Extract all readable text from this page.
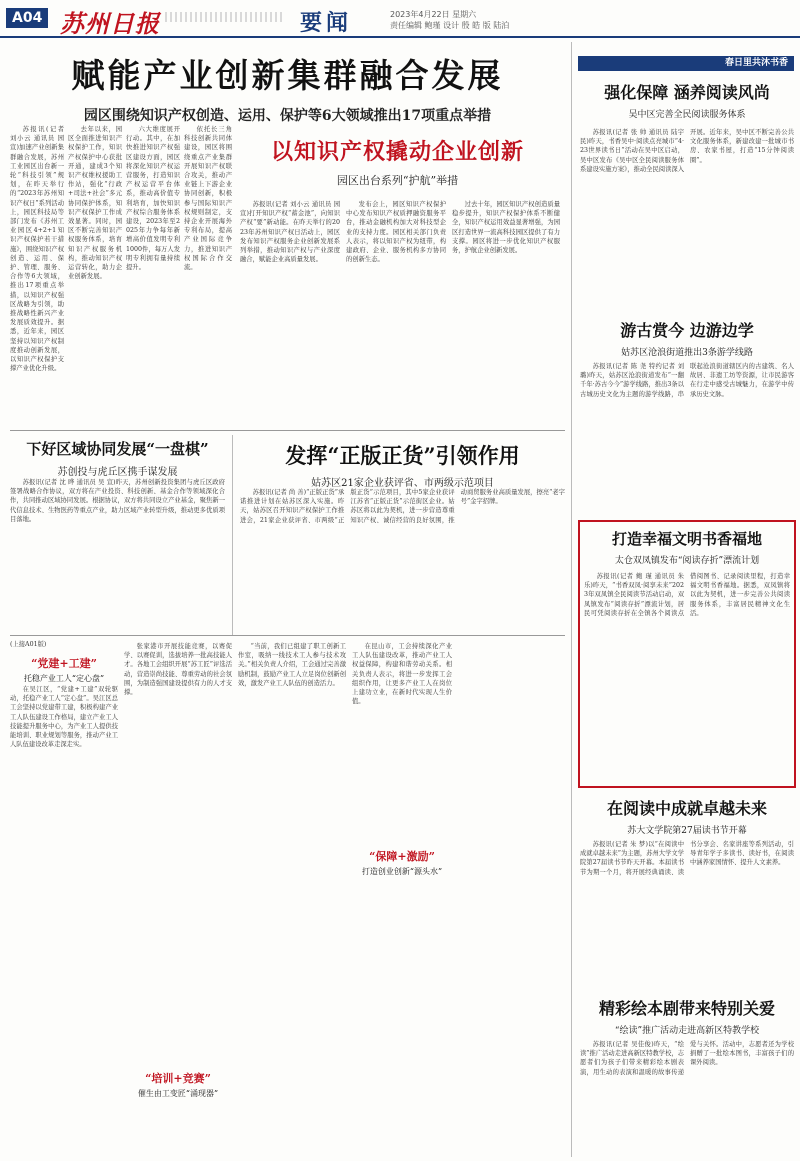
A04 苏州日报	要闻	2023年4月22日 星期六
责任编辑 鲍瑾 设计 殷 皓 版 陆泊
赋能产业创新集群融合发展
园区围绕知识产权创造、运用、保护等6大领域推出17项重点举措

苏报讯(记者 刘小云 通讯员 园宣)加速产业创新集群融合发展，苏州工业园区出台新一轮“科技引领”规划，在昨天举行的“2023年苏州知识产权日”系列活动上，园区科技局等部门发布《苏州工业园区4+2+1知识产权保护若干措施》，围绕知识产权创造、运用、保护、管理、服务、合作等6大领域，推出17项重点举措，以知识产权强区战略为引领，助推战略性新兴产业发展质效提升。据悉，近年来，园区坚持以知识产权制度推动创新发展，以知识产权保护支撑产业优化升级。

去年以来，园区全面推进知识产权保护工作，知识产权保护中心获批开通，建成3个知识产权维权援助工作站，强化“行政+司法+社会”多元协同保护体系，知识产权保护工作成效显著。同时，园区不断完善知识产权服务体系，培育知识产权服务机构，推动知识产权运营转化，助力企业创新发展。

六大维度展开行动。其中，在加快推进知识产权强区建设方面，园区将深化知识产权运营服务，打造知识产权运营平台体系，推动高价值专利培育，加快知识产权综合服务体系建设，2023年至2025年力争每年新增高价值发明专利1000件，每万人发明专利拥有量持续提升。

依托长三角科技创新共同体建设，园区将围绕重点产业集群开展知识产权联合攻关，推动产业链上下游企业协同创新，积极参与国际知识产权规则制定，支持企业开展海外专利布局，提高产业国际竞争力，推进知识产权国际合作交流。

以知识产权撬动企业创新
园区出台系列“护航”举措

苏报讯(记者 刘小云 通讯员 园宣)打开知识产权“蓄金池”，向知识产权“要”新动能。在昨天举行的2023年苏州知识产权日活动上，园区发布知识产权服务企业创新发展系列举措，推动知识产权与产业深度融合，赋能企业高质量发展。

发布会上，园区知识产权保护中心发布知识产权质押融资服务平台，推动金融机构加大对科技型企业的支持力度。园区相关部门负责人表示，将以知识产权为纽带，构建政府、企业、服务机构多方协同的创新生态。

过去十年，园区知识产权创造质量稳步提升，知识产权保护体系不断健全，知识产权运用效益显著增强，为园区打造世界一流高科技园区提供了有力支撑。园区将进一步优化知识产权服务，护航企业创新发展。

下好区域协同发展“一盘棋”
苏创投与虎丘区携手谋发展

苏报讯(记者 沈 晔 通讯员 吴 宣)昨天，苏州创新投资集团与虎丘区政府签署战略合作协议，双方将在产业投资、科技创新、基金合作等领域深化合作，共同推动区域协同发展。根据协议，双方将共同设立产业基金，聚焦新一代信息技术、生物医药等重点产业，助力区域产业转型升级，推动更多优质项目落地。

发挥“正版正货”引领作用
姑苏区21家企业获评省、市两级示范项目

苏报讯(记者 尚 善)“正版正货”承诺推进计划在姑苏区深入实施。昨天，姑苏区召开知识产权保护工作推进会，21家企业获评省、市两级“正版正货”示范项目，其中5家企业获评江苏省“正版正货”示范街区企业。姑苏区将以此为契机，进一步营造尊重知识产权、诚信经营的良好氛围，推动商贸服务业高质量发展，擦亮“老字号”金字招牌。

(上接A01版)
“党建+工建”
托稳产业工人“定心盘”

在吴江区，“党建+工建”双轮驱动，托稳产业工人“定心盘”。吴江区总工会坚持以党建带工建，积极构建产业工人队伍建设工作格局，建立产业工人技能提升服务中心，为产业工人提供技能培训、职业规划等服务，推动产业工人队伍建设改革走深走实。

张家港市开展技能竞赛，以赛促学、以赛促训，选拔培养一批高技能人才。各地工会组织开展“苏工匠”评选活动，营造崇尚技能、尊重劳动的社会氛围，为制造强国建设提供有力的人才支撑。

“培训+竞赛”
催生由工变匠“涌现器”

“当前，我们已组建了职工创新工作室，吸纳一线技术工人参与技术攻关。”相关负责人介绍，工会通过完善激励机制，鼓励产业工人立足岗位创新创效，激发产业工人队伍的创造活力。

“保障+激励”
打造创业创新“源头水”

在昆山市，工会持续深化产业工人队伍建设改革，推动产业工人权益保障，构建和谐劳动关系。相关负责人表示，将进一步发挥工会组织作用，让更多产业工人在岗位上建功立业，在新时代实现人生价值。

春日里共沐书香
强化保障 涵养阅读风尚
吴中区完善全民阅读服务体系

苏报讯(记者 张 帅 通讯员 陆宇民)昨天，书香吴中·阅读点亮城市“4·23世界读书日”活动在吴中区启动，吴中区发布《吴中区全民阅读服务体系建设实施方案》，推动全民阅读深入开展。近年来，吴中区不断完善公共文化服务体系，新建改建一批城市书房、农家书屋，打造“15分钟阅读圈”。

游古赏今 边游边学
姑苏区沧浪街道推出3条游学线路

苏报讯(记者 陈 尧 特约记者 刘 璐)昨天，姑苏区沧浪街道发布“一翻千年·苏古今今”游学线路，推出3条以古城历史文化为主题的游学线路，串联起沧浪街道辖区内的古建筑、名人故居、非遗工坊等资源，让市民游客在行走中感受古城魅力，在游学中传承历史文脉。

打造幸福文明书香福地
太仓双凤镇发布“阅读存折”漂流计划

苏报讯(记者 鲍 瑾 通讯员 朱 乐)昨天，“书香双凤·阅享未来”2023年双凤镇全民阅读节活动启动，双凤镇发布“阅读存折”漂流计划，居民可凭阅读存折在全镇各个阅读点借阅图书、记录阅读里程，打造幸福文明书香福地。据悉，双凤镇将以此为契机，进一步完善公共阅读服务体系，丰富居民精神文化生活。

在阅读中成就卓越未来
苏大文学院第27届读书节开幕

苏报讯(记者 朱 梦)以“在阅读中成就卓越未来”为主题，苏州大学文学院第27届读书节昨天开幕。本届读书节为期一个月，将开展经典诵读、读书分享会、名家讲座等系列活动，引导青年学子多读书、读好书，在阅读中涵养家国情怀、提升人文素养。

精彩绘本剧带来特别关爱
“绘读”推广活动走进高新区特教学校

苏报讯(记者 吴佳俊)昨天，“绘读”推广活动走进高新区特教学校，志愿者们为孩子们带来精彩绘本剧表演，用生动的表演和温暖的故事传递爱与关怀。活动中，志愿者还为学校捐赠了一批绘本图书，丰富孩子们的课外阅读。
